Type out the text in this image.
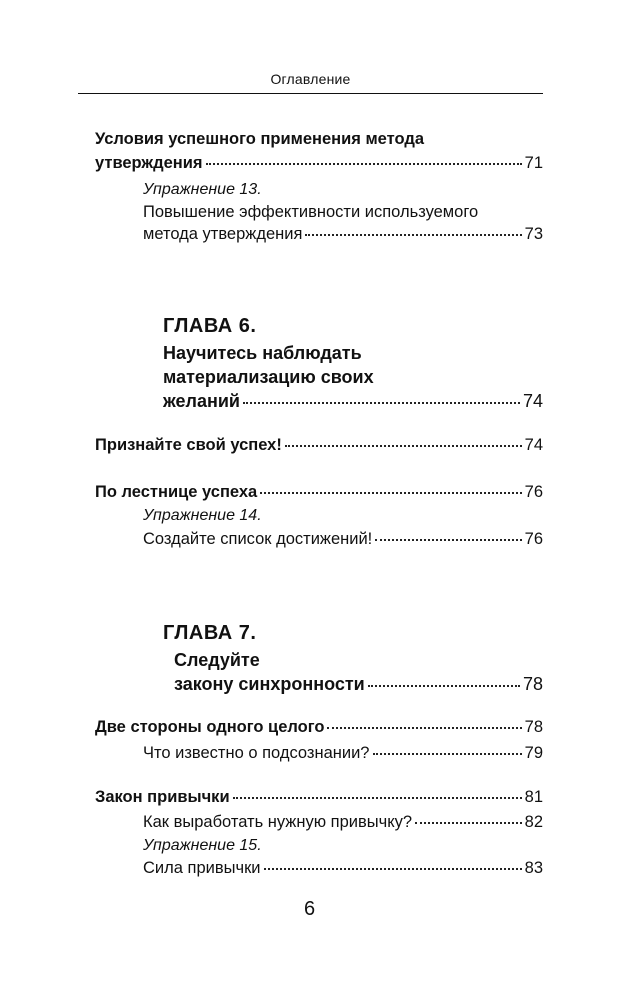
Оглавление
Условия успешного применения метода
утверждения	71
Упражнение 13.
Повышение эффективности используемого
метода утверждения	73
ГЛАВА 6.
Научитесь наблюдать
материализацию своих
желаний	74
Признайте свой успех!	74
По лестнице успеха	76
Упражнение 14.
Создайте список достижений!	76
ГЛАВА 7.
Следуйте
закону синхронности	78
Две стороны одного целого	78
Что известно о подсознании?	79
Закон привычки	81
Как выработать нужную привычку?	82
Упражнение 15.
Сила привычки	83
6
